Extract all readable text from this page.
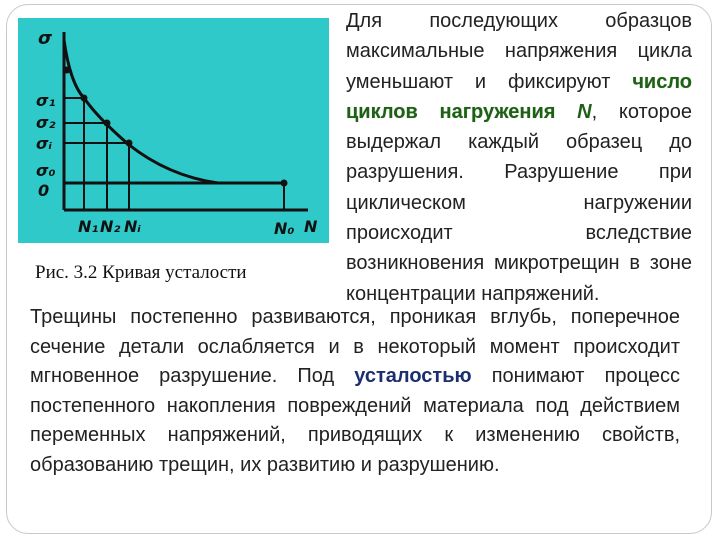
σ
σ₁
σ₂
σᵢ
σ₀
0
N₁ N₂ Nᵢ	N₀ N
Рис. 3.2 Кривая усталости
Для последующих образцов максимальные напряжения цикла уменьшают и фиксируют число циклов нагружения N, которое выдержал каждый образец до разрушения. Разрушение при циклическом нагружении происходит вследствие возникновения микротрещин в зоне концентрации напряжений.
Трещины постепенно развиваются, проникая вглубь, поперечное сечение детали ослабляется и в некоторый момент происходит мгновенное разрушение. Под усталостью понимают процесс постепенного накопления повреждений материала под действием переменных напряжений, приводящих к изменению свойств, образованию трещин, их развитию и разрушению.
